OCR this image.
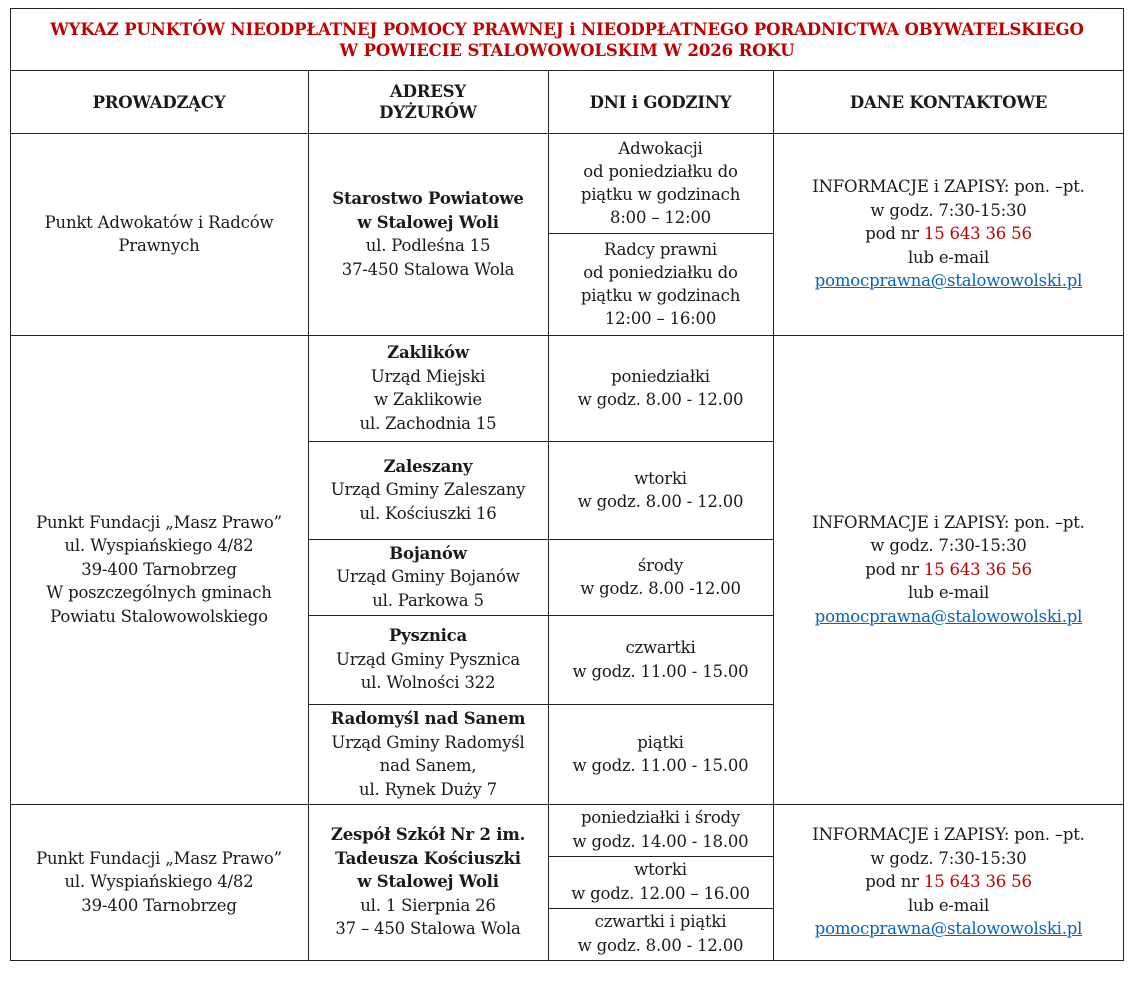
WYKAZ PUNKTÓW NIEODPŁATNEJ POMOCY PRAWNEJ i NIEODPŁATNEGO PORADNICTWA OBYWATELSKIEGO
W POWIECIE STALOWOWOLSKIM W 2026 ROKU
PROWADZĄCY
ADRESY
DYŻURÓW
DNI i GODZINY	DANE KONTAKTOWE
Punkt Adwokatów i Radców
Prawnych
Starostwo Powiatowe
w Stalowej Woli
ul. Podleśna 15
37-450 Stalowa Wola
Adwokacji
od poniedziałku do
piątku w godzinach
8:00 – 12:00
Radcy prawni
od poniedziałku do
piątku w godzinach
12:00 – 16:00
INFORMACJE i ZAPISY: pon. –pt.
w godz. 7:30-15:30
pod nr 15 643 36 56
lub e-mail
pomocprawna@stalowowolski.pl
Punkt Fundacji „Masz Prawo”
ul. Wyspiańskiego 4/82
39-400 Tarnobrzeg
W poszczególnych gminach
Powiatu Stalowowolskiego
Zaklików
Urząd Miejski
w Zaklikowie
ul. Zachodnia 15
poniedziałki
w godz. 8.00 - 12.00
Zaleszany
Urząd Gminy Zaleszany
ul. Kościuszki 16
wtorki
w godz. 8.00 - 12.00
Bojanów
Urząd Gminy Bojanów
ul. Parkowa 5
środy
w godz. 8.00 -12.00
Pysznica
Urząd Gminy Pysznica
ul. Wolności 322
czwartki
w godz. 11.00 - 15.00
Radomyśl nad Sanem
Urząd Gminy Radomyśl
nad Sanem,
ul. Rynek Duży 7
piątki
w godz. 11.00 - 15.00
INFORMACJE i ZAPISY: pon. –pt.
w godz. 7:30-15:30
pod nr 15 643 36 56
lub e-mail
pomocprawna@stalowowolski.pl
Punkt Fundacji „Masz Prawo”
ul. Wyspiańskiego 4/82
39-400 Tarnobrzeg
Zespół Szkół Nr 2 im.
Tadeusza Kościuszki
w Stalowej Woli
ul. 1 Sierpnia 26
37 – 450 Stalowa Wola
poniedziałki i środy
w godz. 14.00 - 18.00
wtorki
w godz. 12.00 – 16.00
czwartki i piątki
w godz. 8.00 - 12.00
INFORMACJE i ZAPISY: pon. –pt.
w godz. 7:30-15:30
pod nr 15 643 36 56
lub e-mail
pomocprawna@stalowowolski.pl
